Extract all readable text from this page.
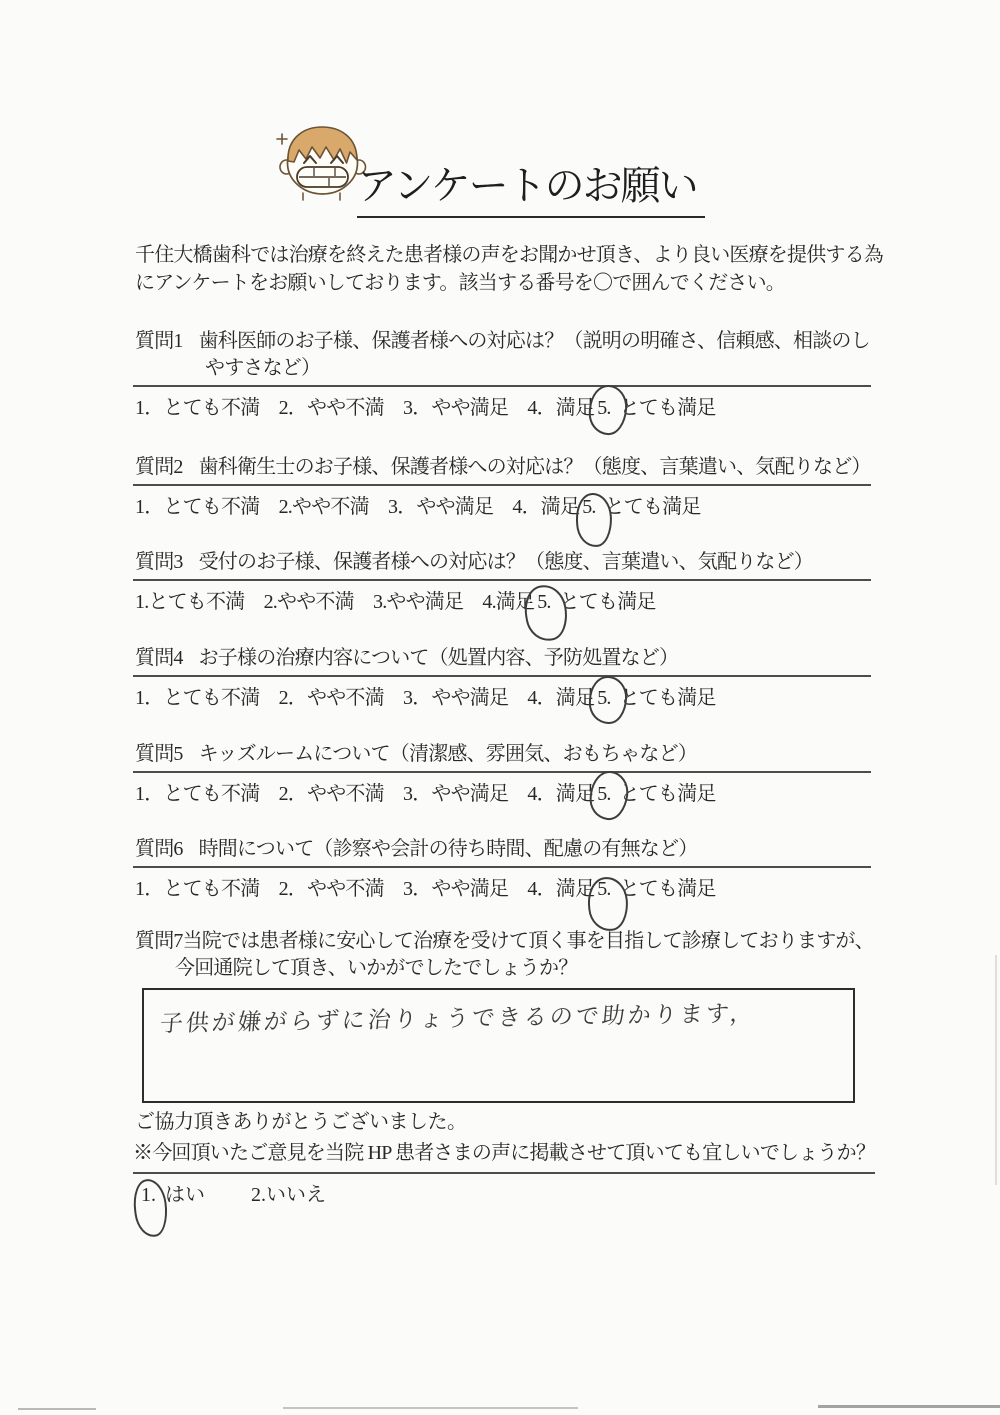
アンケートのお願い
千住大橋歯科では治療を終えた患者様の声をお聞かせ頂き、より良い医療を提供する為
にアンケートをお願いしております。該当する番号を〇で囲んでください。
質問1 歯科医師のお子様、保護者様への対応は？（説明の明確さ、信頼感、相談のし
やすさなど）
1．とても不満　2．やや不満　3．やや満足　4．満足 5. とても満足
質問2 歯科衛生士のお子様、保護者様への対応は？（態度、言葉遣い、気配りなど）
1．とても不満　2.やや不満　3．やや満足　4．満足 5. とても満足
質問3 受付のお子様、保護者様への対応は？（態度、言葉遣い、気配りなど）
1.とても不満　2.やや不満　3.やや満足　4.満足 5. とても満足
質問4 お子様の治療内容について（処置内容、予防処置など）
1．とても不満　2．やや不満　3．やや満足　4．満足 5. とても満足
質問5 キッズルームについて（清潔感、雰囲気、おもちゃなど）
1．とても不満　2．やや不満　3．やや満足　4．満足 5. とても満足
質問6 時間について（診察や会計の待ち時間、配慮の有無など）
1．とても不満　2．やや不満　3．やや満足　4．満足 5. とても満足
質問7当院では患者様に安心して治療を受けて頂く事を目指して診療しておりますが、
今回通院して頂き、いかがでしたでしょうか？
子供が嫌がらずに治りょうできるので助かります，
ご協力頂きありがとうございました。
※今回頂いたご意見を当院 HP 患者さまの声に掲載させて頂いても宜しいでしょうか？
1. はい 2.いいえ
